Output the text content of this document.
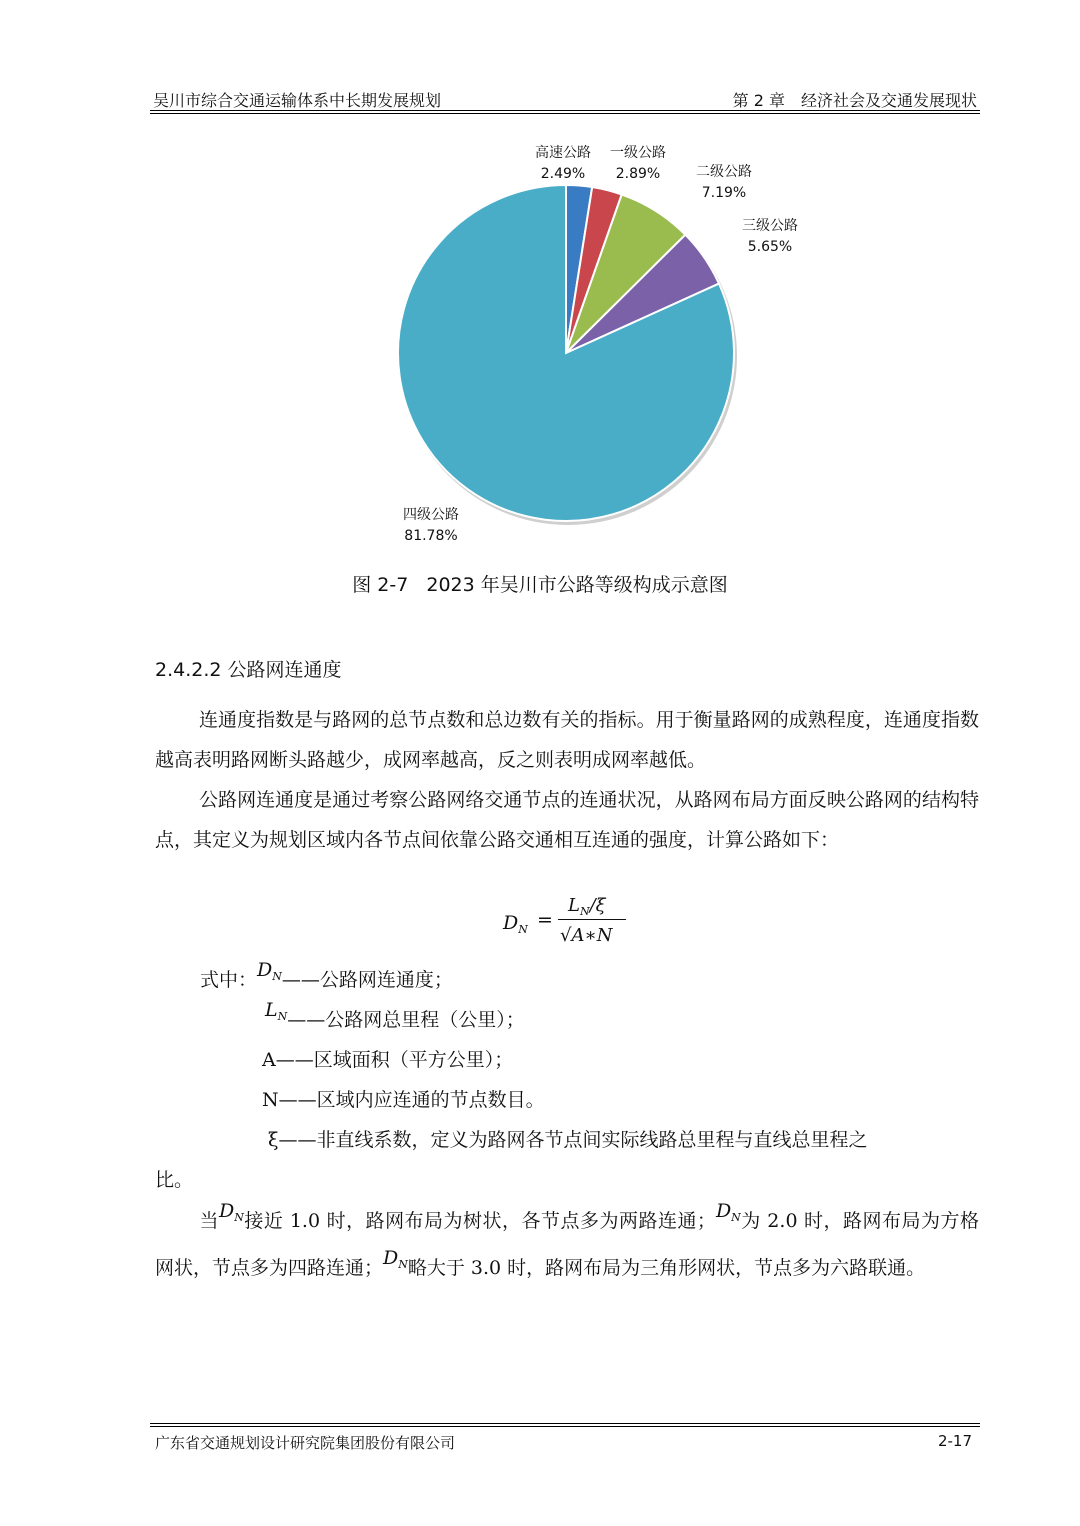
吴川市综合交通运输体系中长期发展规划	第 2 章　经济社会及交通发展现状
高速公路
2.49%
一级公路
2.89%	二级公路
7.19%
三级公路
5.65%
四级公路
81.78%
图 2-7 2023 年吴川市公路等级构成示意图
2.4.2.2 公路网连通度
连通度指数是与路网的总节点数和总边数有关的指标。用于衡量路网的成熟程度，连通度指数越高表明路网断头路越少，成网率越高，反之则表明成网率越低。
公路网连通度是通过考察公路网络交通节点的连通状况，从路网布局方面反映公路网的结构特点，其定义为规划区域内各节点间依靠公路交通相互连通的强度，计算公路如下：
$D_N$ =
$L_N/\xi$
√A∗N
式中：$D_N——$公路网连通度；
$L_N——$公路网总里程（公里）；
A——区域面积（平方公里）；
N——区域内应连通的节点数目。
ξ——非直线系数，定义为路网各节点间实际线路总里程与直线总里程之
比。
当$D_N$接近 1.0 时，路网布局为树状，各节点多为两路连通；$D_N$为 2.0 时，路网布局为方格网状，节点多为四路连通；$D_N$略大于 3.0 时，路网布局为三角形网状，节点多为六路联通。
广东省交通规划设计研究院集团股份有限公司	2-17
